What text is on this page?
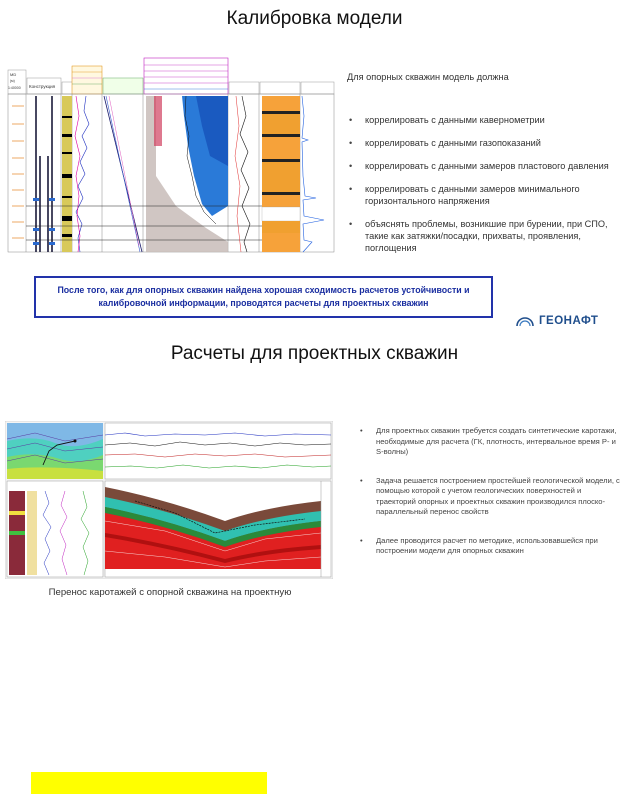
Калибровка модели
MD
(м)
1:40000 Конструкция
Для опорных скважин модель должна
• коррелировать с данными кавернометрии
• коррелировать с данными газопоказаний
• коррелировать с данными замеров пластового давления
• коррелировать с данными замеров минимального горизонтального напряжения
• объяснять проблемы, возникшие при бурении, при СПО, такие как затяжки/посадки, прихваты, проявления, поглощения
После того, как для опорных скважин найдена хорошая сходимость расчетов устойчивости и калибровочной информации, проводятся расчеты для проектных скважин
ГЕОНАФТ
Расчеты для проектных скважин
Перенос каротажей с опорной скважина на проектную
• Для проектных скважин требуется создать синтетические каротажи, необходимые для расчета (ГК, плотность, интервальное время P- и S-волны)
• Задача решается построением простейшей геологической модели, с помощью которой с учетом геологических поверхностей и траекторий опорных и проектных скважин производился плоско-параллельный перенос свойств
• Далее проводится расчет по методике, использовавшейся при построении модели для опорных скважин
